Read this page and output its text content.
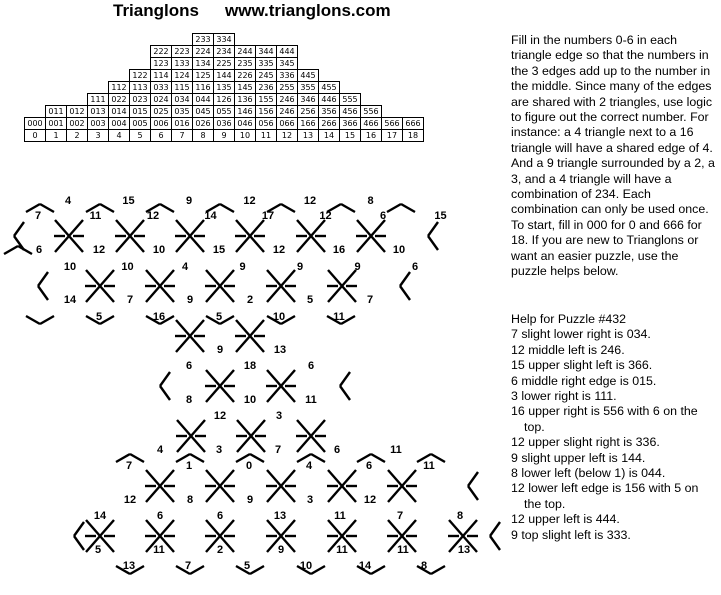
Trianglons www.trianglons.com
								233	334									
						222	223	224	234	244	344	444						
						123	133	134	225	235	335	345						
					122	114	124	125	144	226	245	336	445					
				112	113	033	115	116	135	145	236	255	355	455				
			111	022	023	024	034	044	126	136	155	246	346	446	555			
	011	012	013	014	015	025	035	045	055	146	156	246	256	356	456	556		
000	001	002	003	004	005	006	016	026	036	046	056	066	166	266	366	466	566	666
0	1	2	3	4	5	6	7	8	9	10	11	12	13	14	15	16	17	18
Fill in the numbers 0-6 in each triangle edge so that the numbers in the 3 edges add up to the number in the middle. Since many of the edges are shared with 2 triangles, use logic to figure out the correct number. For instance: a 4 triangle next to a 16 triangle will have a shared edge of 4. And a 9 triangle surrounded by a 2, a 3, and a 4 triangle will have a combination of 234. Each combination can only be used once. To start, fill in 000 for 0 and 666 for 18. If you are new to Trianglons or want an easier puzzle, use the puzzle helps below.
Help for Puzzle #432
7 slight lower right is 034.
12 middle left is 246.
15 upper slight left is 366.
6 middle right edge is 015.
3 lower right is 111.
16 upper right is 556 with 6 on the top.
12 upper slight right is 336.
9 slight upper left is 144.
8 lower left (below 1) is 044.
12 lower left edge is 156 with 5 on the top.
12 upper left is 444.
9 top slight left is 333.
4	15	9	12	12	8
7	11	12	14	17	12	6	15
6	12	10	15	12	16	10
10	10	4	9	9	9	6
14	7	9	2	5	7
5	16	5	10	11
9	13
6	18	6
8	10	11
12	3
4	3	7	6	11
7	1	0	4	6	11
12	8	9	3	12
14	6	6	13	11	7	8
5	11	2	9	11	11	13
13	7	5	10	14	8
